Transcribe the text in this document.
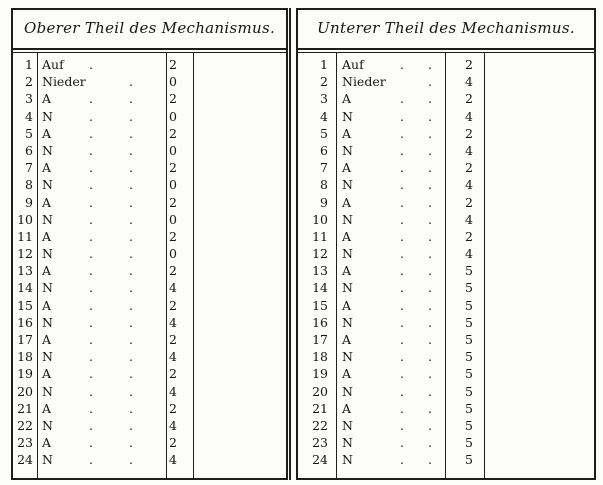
Oberer Theil des Mechanismus.
1 Auf .	2
2 Nieder	.	0
3 A	.	.	2
4 N	.	.	0
5 A	.	.	2
6 N	.	.	0
7 A	.	.	2
8 N	.	.	0
9 A	.	.	2
10 N	.	.	0
11 A	.	.	2
12 N	.	.	0
13 A	.	.	2
14 N	.	.	4
15 A	.	.	2
16 N	.	.	4
17 A	.	.	2
18 N	.	.	4
19 A	.	.	2
20 N	.	.	4
21 A	.	.	2
22 N	.	.	4
23 A	.	.	2
24 N	.	.	4
Unterer Theil des Mechanismus.
1 Auf	. .	2
2 Nieder	.	4
3 A	. .	2
4 N	. .	4
5 A	. .	2
6 N	. .	4
7 A	. .	2
8 N	. .	4
9 A	. .	2
10 N	. .	4
11 A	. .	2
12 N	. .	4
13 A	. .	5
14 N	. .	5
15 A	. .	5
16 N	. .	5
17 A	. .	5
18 N	. .	5
19 A	. .	5
20 N	. .	5
21 A	. .	5
22 N	. .	5
23 N	. .	5
24 N	. .	5
